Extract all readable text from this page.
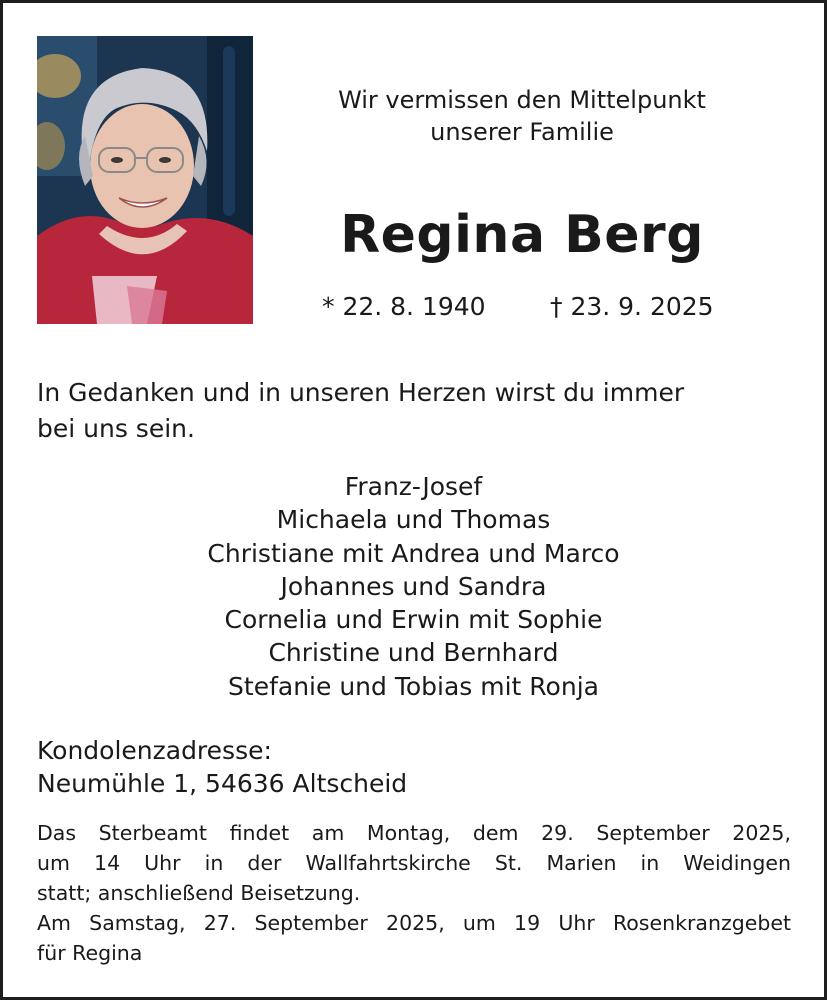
Wir vermissen den Mittelpunkt
unserer Familie
Regina Berg
* 22. 8. 1940	† 23. 9. 2025
In Gedanken und in unseren Herzen wirst du immer
bei uns sein.
Franz-Josef
Michaela und Thomas
Christiane mit Andrea und Marco
Johannes und Sandra
Cornelia und Erwin mit Sophie
Christine und Bernhard
Stefanie und Tobias mit Ronja
Kondolenzadresse:
Neumühle 1, 54636 Altscheid
Das Sterbeamt findet am Montag, dem 29. September 2025,
um 14 Uhr in der Wallfahrtskirche St. Marien in Weidingen
statt; anschließend Beisetzung.
Am Samstag, 27. September 2025, um 19 Uhr Rosenkranzgebet
für Regina
